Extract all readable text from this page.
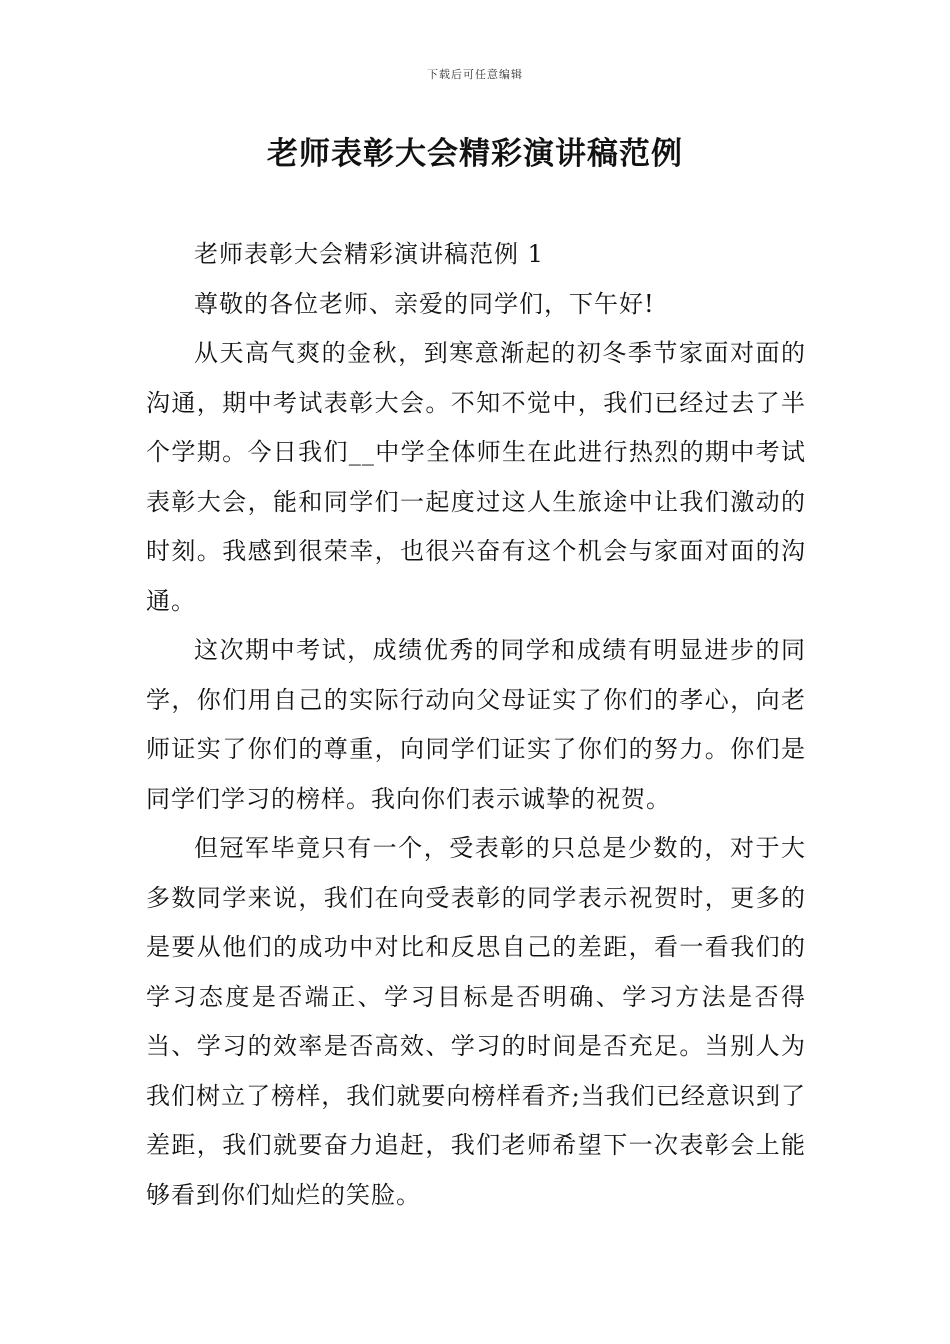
下载后可任意编辑
老师表彰大会精彩演讲稿范例

老师表彰大会精彩演讲稿范例 1

尊敬的各位老师、亲爱的同学们，下午好!

从天高气爽的金秋，到寒意渐起的初冬季节家面对面的沟通，期中考试表彰大会。不知不觉中，我们已经过去了半个学期。今日我们__中学全体师生在此进行热烈的期中考试表彰大会，能和同学们一起度过这人生旅途中让我们激动的时刻。我感到很荣幸，也很兴奋有这个机会与家面对面的沟通。

这次期中考试，成绩优秀的同学和成绩有明显进步的同学，你们用自己的实际行动向父母证实了你们的孝心，向老师证实了你们的尊重，向同学们证实了你们的努力。你们是同学们学习的榜样。我向你们表示诚挚的祝贺。

但冠军毕竟只有一个，受表彰的只总是少数的，对于大多数同学来说，我们在向受表彰的同学表示祝贺时，更多的是要从他们的成功中对比和反思自己的差距，看一看我们的学习态度是否端正、学习目标是否明确、学习方法是否得当、学习的效率是否高效、学习的时间是否充足。当别人为我们树立了榜样，我们就要向榜样看齐;当我们已经意识到了差距，我们就要奋力追赶，我们老师希望下一次表彰会上能够看到你们灿烂的笑脸。
